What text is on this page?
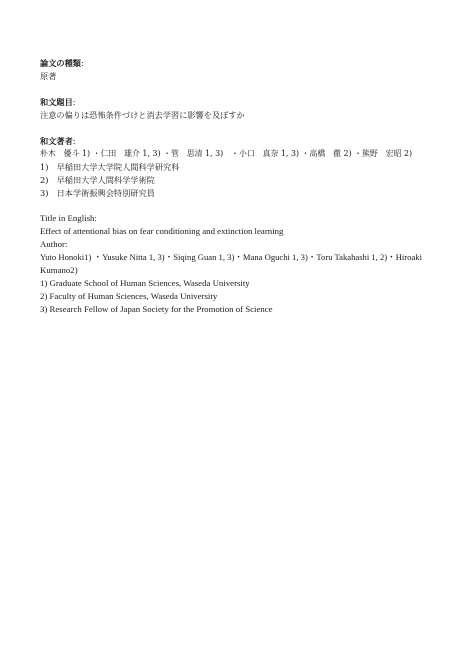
論文の種類:
原著
和文題目:
注意の偏りは恐怖条件づけと消去学習に影響を及ぼすか
和文著者:
朴木　優斗 1) ・仁田　雄介 1, 3) ・管　思清 1, 3)　・小口　真奈 1, 3) ・高橋　徹 2) ・熊野　宏昭 2)
1)　早稲田大学大学院人間科学研究科
2)　早稲田大学人間科学学術院
3)　日本学術振興会特別研究員
Title in English:
Effect of attentional bias on fear conditioning and extinction learning
Author:
Yuto Honoki1) ・Yusuke Nitta 1, 3)・Siqing Guan 1, 3)・Mana Oguchi 1, 3)・Toru Takahashi 1, 2)・Hiroaki
Kumano2)
1) Graduate School of Human Sciences, Waseda University
2) Faculty of Human Sciences, Waseda University
3) Research Fellow of Japan Society for the Promotion of Science
